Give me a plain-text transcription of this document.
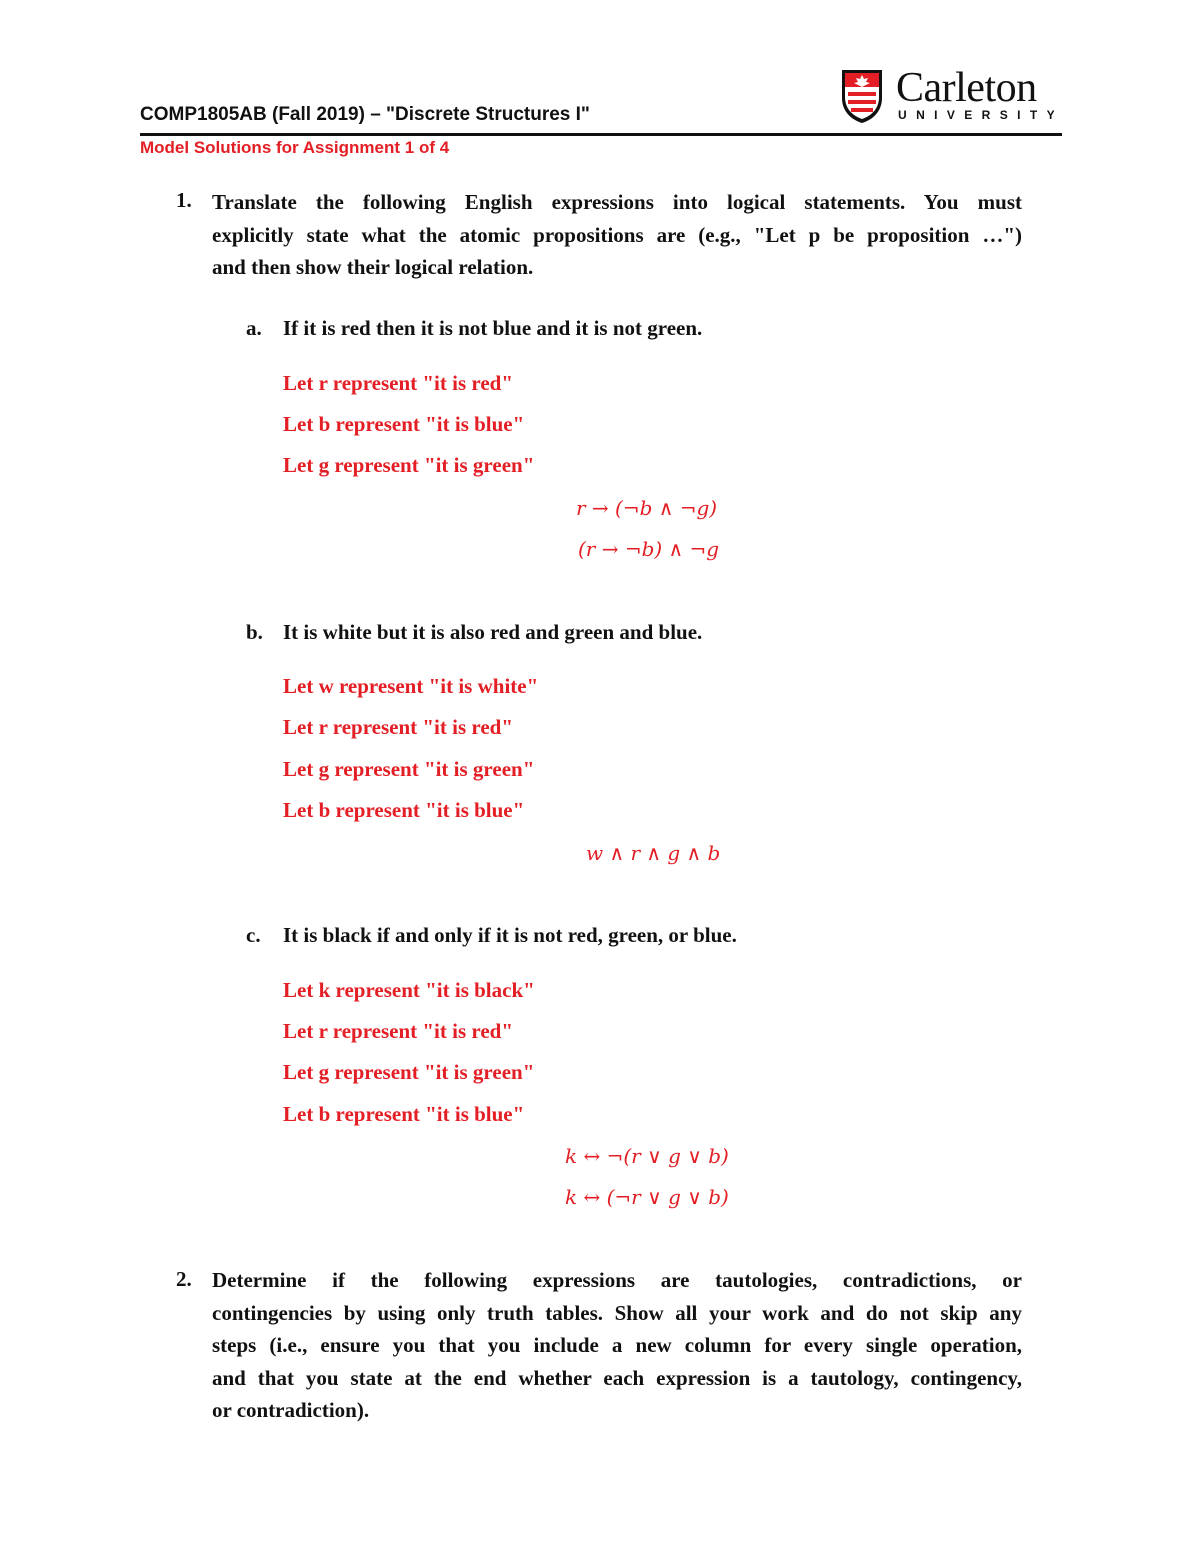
COMP1805AB (Fall 2019) – "Discrete Structures I"
Model Solutions for Assignment 1 of 4
Carleton
UNIVERSITY
1. Translate the following English expressions into logical statements. You must
explicitly state what the atomic propositions are (e.g., "Let p be proposition …")
and then show their logical relation.
a. If it is red then it is not blue and it is not green.
Let r represent "it is red"
Let b represent "it is blue"
Let g represent "it is green"
r → (¬b ∧ ¬g)
(r → ¬b) ∧ ¬g
b. It is white but it is also red and green and blue.
Let w represent "it is white"
Let r represent "it is red"
Let g represent "it is green"
Let b represent "it is blue"
w ∧ r ∧ g ∧ b
c. It is black if and only if it is not red, green, or blue.
Let k represent "it is black"
Let r represent "it is red"
Let g represent "it is green"
Let b represent "it is blue"
k ↔ ¬(r ∨ g ∨ b)
k ↔ (¬r ∨ g ∨ b)
2. Determine if the following expressions are tautologies, contradictions, or
contingencies by using only truth tables. Show all your work and do not skip any
steps (i.e., ensure you that you include a new column for every single operation,
and that you state at the end whether each expression is a tautology, contingency,
or contradiction).
